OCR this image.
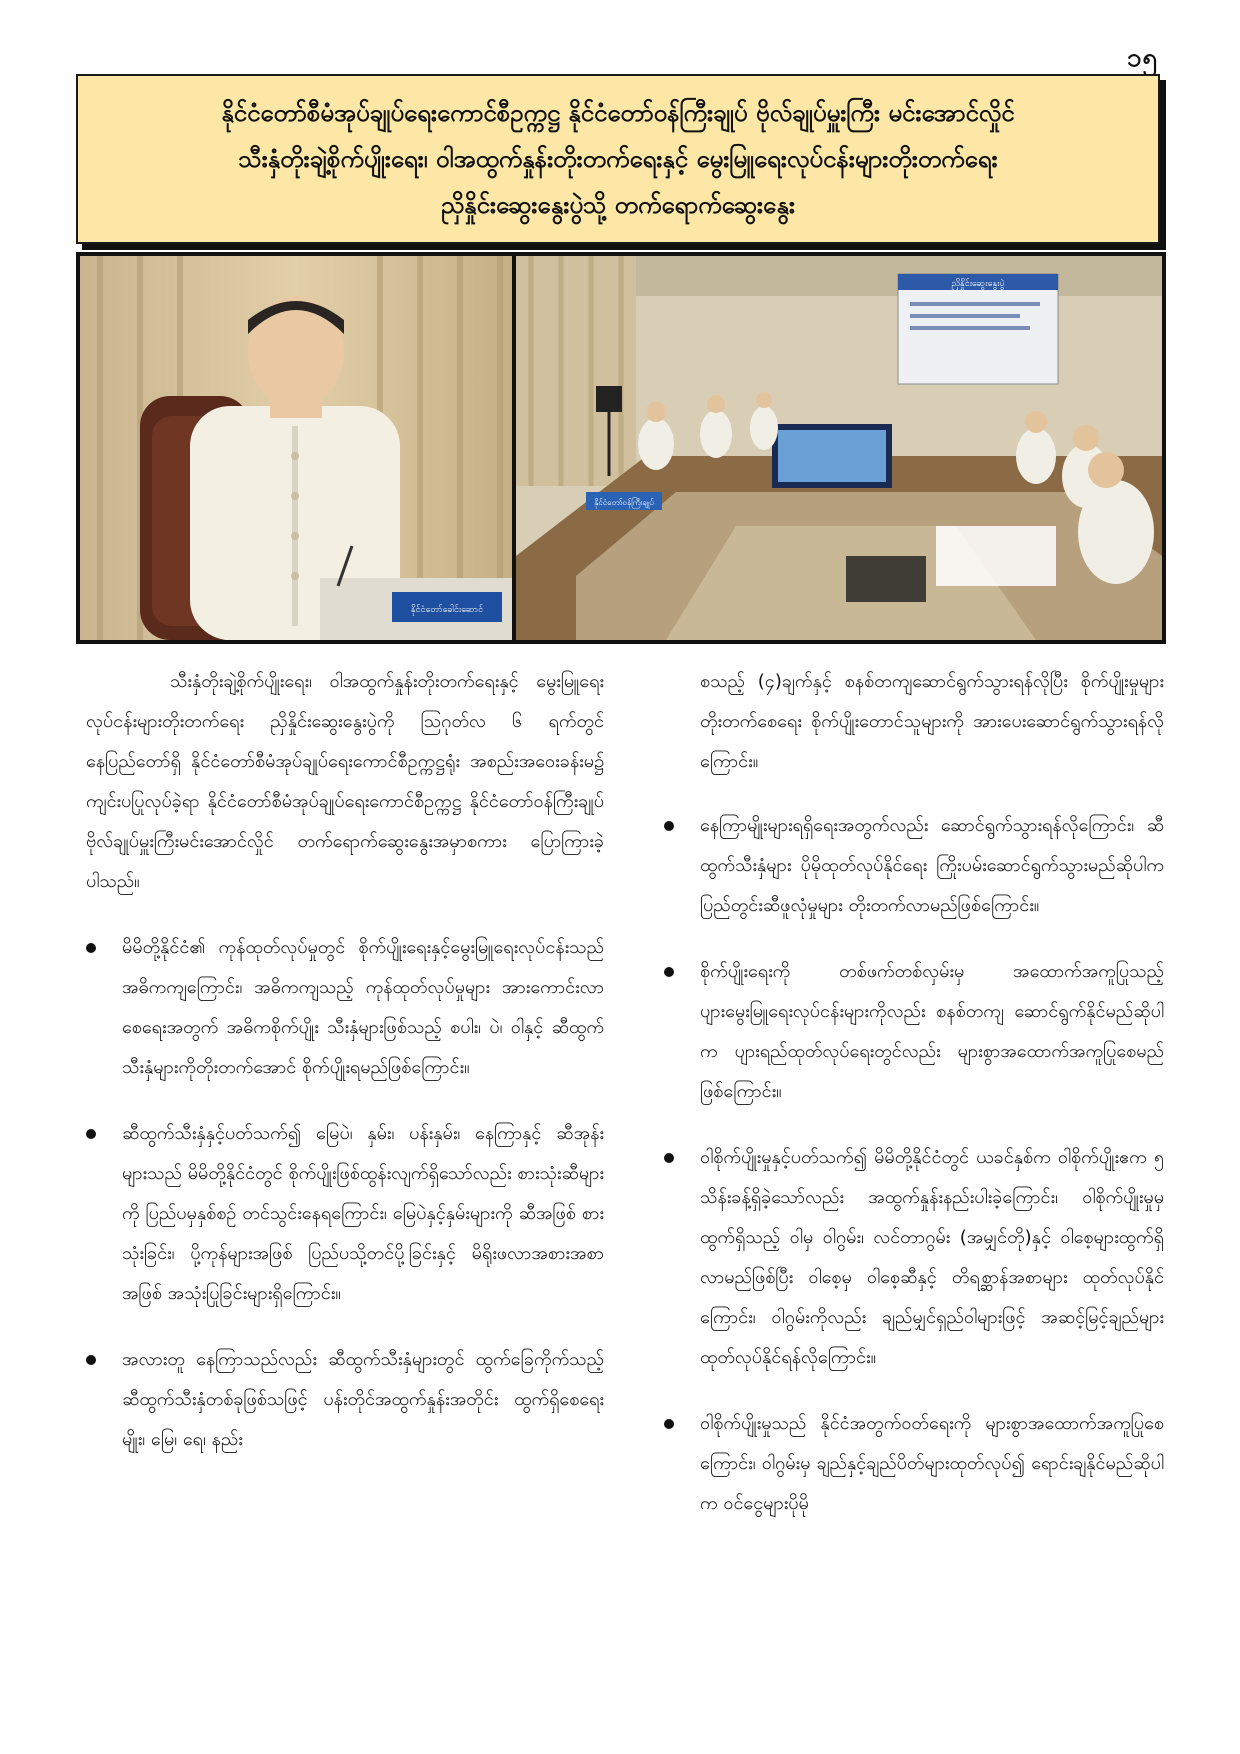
၁၅
နိုင်ငံတော်စီမံအုပ်ချုပ်ရေးကောင်စီဥက္ကဋ္ဌ နိုင်ငံတော်ဝန်ကြီးချုပ် ဗိုလ်ချုပ်မှူးကြီး မင်းအောင်လှိုင်
သီးနှံတိုးချဲ့စိုက်ပျိုးရေး၊ ဝါအထွက်နှုန်းတိုးတက်ရေးနှင့် မွေးမြူရေးလုပ်ငန်းများတိုးတက်ရေး
ညှိနှိုင်းဆွေးနွေးပွဲသို့ တက်ရောက်ဆွေးနွေး
နိုင်ငံတော်ခေါင်းဆောင်
ညှိနှိုင်းဆွေးနွေးပွဲ
နိုင်ငံတော်ဝန်ကြီးချုပ်

သီးနှံတိုးချဲ့စိုက်ပျိုးရေး၊ ဝါအထွက်နှုန်းတိုးတက်ရေးနှင့် မွေးမြူရေးလုပ်ငန်းများတိုးတက်ရေး ညှိနှိုင်းဆွေးနွေးပွဲကို ဩဂုတ်လ ၆ ရက်တွင် နေပြည်တော်ရှိ နိုင်ငံတော်စီမံအုပ်ချုပ်ရေးကောင်စီဥက္ကဋ္ဌရုံး အစည်းအဝေးခန်းမ၌ ကျင်းပပြုလုပ်ခဲ့ရာ နိုင်ငံတော်စီမံအုပ်ချုပ်ရေးကောင်စီဥက္ကဋ္ဌ နိုင်ငံတော်ဝန်ကြီးချုပ် ဗိုလ်ချုပ်မှူးကြီးမင်းအောင်လှိုင် တက်ရောက်ဆွေးနွေးအမှာစကား ပြောကြားခဲ့ပါသည်။

မိမိတို့နိုင်ငံ၏ ကုန်ထုတ်လုပ်မှုတွင် စိုက်ပျိုးရေးနှင့်မွေးမြူရေးလုပ်ငန်းသည် အဓိကကျကြောင်း၊ အဓိကကျသည့် ကုန်ထုတ်လုပ်မှုများ အားကောင်းလာစေရေးအတွက် အဓိကစိုက်ပျိုး သီးနှံများဖြစ်သည့် စပါး၊ ပဲ၊ ဝါနှင့် ဆီထွက်သီးနှံများကိုတိုးတက်အောင် စိုက်ပျိုးရမည်ဖြစ်ကြောင်း။
ဆီထွက်သီးနှံနှင့်ပတ်သက်၍ မြေပဲ၊ နှမ်း၊ ပန်းနှမ်း၊ နေကြာနှင့် ဆီအုန်းများသည် မိမိတို့နိုင်ငံတွင် စိုက်ပျိုးဖြစ်ထွန်းလျက်ရှိသော်လည်း စားသုံးဆီများကို ပြည်ပမှနှစ်စဉ် တင်သွင်းနေရကြောင်း၊ မြေပဲနှင့်နှမ်းများကို ဆီအဖြစ် စားသုံးခြင်း၊ ပို့ကုန်များအဖြစ် ပြည်ပသို့တင်ပို့ခြင်းနှင့် မိရိုးဖလာအစားအစာအဖြစ် အသုံးပြုခြင်းများရှိကြောင်း။
အလားတူ နေကြာသည်လည်း ဆီထွက်သီးနှံများတွင် ထွက်ခြေကိုက်သည့် ဆီထွက်သီးနှံတစ်ခုဖြစ်သဖြင့် ပန်းတိုင်အထွက်နှုန်းအတိုင်း ထွက်ရှိစေရေး မျိုး၊ မြေ၊ ရေ၊ နည်း

စသည့် (၄)ချက်နှင့် စနစ်တကျဆောင်ရွက်သွားရန်လိုပြီး စိုက်ပျိုးမှုများ တိုးတက်စေရေး စိုက်ပျိုးတောင်သူများကို အားပေးဆောင်ရွက်သွားရန်လိုကြောင်း။

နေကြာမျိုးများရရှိရေးအတွက်လည်း ဆောင်ရွက်သွားရန်လိုကြောင်း၊ ဆီထွက်သီးနှံများ ပိုမိုထုတ်လုပ်နိုင်ရေး ကြိုးပမ်းဆောင်ရွက်သွားမည်ဆိုပါက ပြည်တွင်းဆီဖူလုံမှုများ တိုးတက်လာမည်ဖြစ်ကြောင်း။
စိုက်ပျိုးရေးကို တစ်ဖက်တစ်လှမ်းမှ အထောက်အကူပြုသည့်ပျားမွေးမြူရေးလုပ်ငန်းများကိုလည်း စနစ်တကျ ဆောင်ရွက်နိုင်မည်ဆိုပါက ပျားရည်ထုတ်လုပ်ရေးတွင်လည်း များစွာအထောက်အကူပြုစေမည်ဖြစ်ကြောင်း။
ဝါစိုက်ပျိုးမှုနှင့်ပတ်သက်၍ မိမိတို့နိုင်ငံတွင် ယခင်နှစ်က ဝါစိုက်ပျိုးဧက ၅ သိန်းခန့်ရှိခဲ့သော်လည်း အထွက်နှုန်းနည်းပါးခဲ့ကြောင်း၊ ဝါစိုက်ပျိုးမှုမှ ထွက်ရှိသည့် ဝါမှ ဝါဂွမ်း၊ လင်တာဂွမ်း (အမျှင်တို)နှင့် ဝါစေ့များထွက်ရှိလာမည်ဖြစ်ပြီး ဝါစေ့မှ ဝါစေ့ဆီနှင့် တိရစ္ဆာန်အစာများ ထုတ်လုပ်နိုင် ကြောင်း၊ ဝါဂွမ်းကိုလည်း ချည်မျှင်ရှည်ဝါများဖြင့် အဆင့်မြင့်ချည်များ ထုတ်လုပ်နိုင်ရန်လိုကြောင်း။
ဝါစိုက်ပျိုးမှုသည် နိုင်ငံအတွက်ဝတ်ရေးကို များစွာအထောက်အကူပြုစေကြောင်း၊ ဝါဂွမ်းမှ ချည်နှင့်ချည်ပိတ်များထုတ်လုပ်၍ ရောင်းချနိုင်မည်ဆိုပါက ဝင်ငွေများပိုမို
